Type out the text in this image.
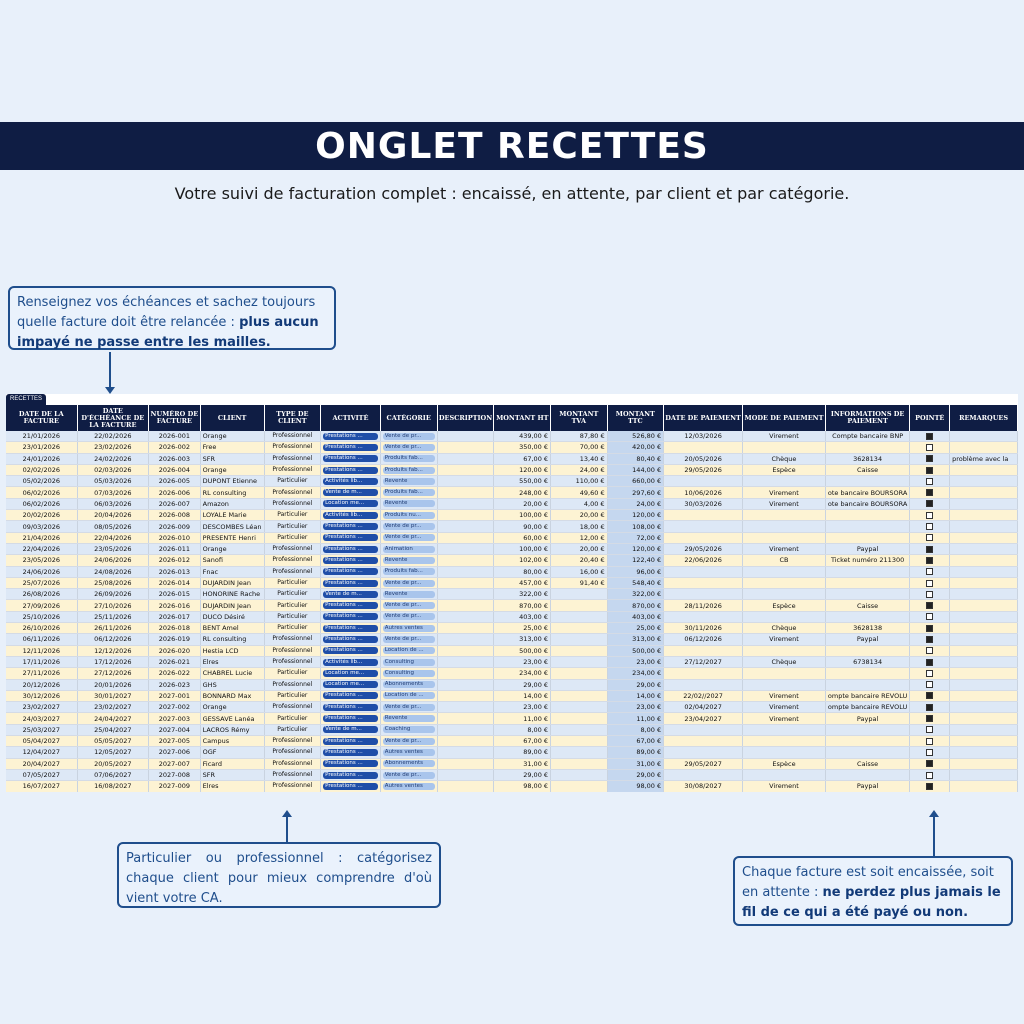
ONGLET RECETTES
Votre suivi de facturation complet : encaissé, en attente, par client et par catégorie.
Renseignez vos échéances et sachez toujours quelle facture doit être relancée : plus aucun impayé ne passe entre les mailles.
RECETTES
DATE DE LA FACTURE	DATE D'ÉCHÉANCE DE LA FACTURE	NUMÉRO DE FACTURE	CLIENT	TYPE DE CLIENT	ACTIVITÉ	CATÉGORIE	DESCRIPTION	MONTANT HT	MONTANT TVA	MONTANT TTC	DATE DE PAIEMENT	MODE DE PAIEMENT	INFORMATIONS DE PAIEMENT	POINTÉ	REMARQUES
21/01/2026	22/02/2026	2026-001	Orange	Professionnel	Prestations ...	Vente de pr...		439,00 €	87,80 €	526,80 €	12/03/2026	Virement	Compte bancaire BNP		
23/01/2026	23/02/2026	2026-002	Free	Professionnel	Prestations ...	Vente de pr...		350,00 €	70,00 €	420,00 €					
24/01/2026	24/02/2026	2026-003	SFR	Professionnel	Prestations ...	Produits fab...		67,00 €	13,40 €	80,40 €	20/05/2026	Chèque	3628134		problème avec la
02/02/2026	02/03/2026	2026-004	Orange	Professionnel	Prestations ...	Produits fab...		120,00 €	24,00 €	144,00 €	29/05/2026	Espèce	Caisse		
05/02/2026	05/03/2026	2026-005	DUPONT Etienne	Particulier	Activités lib...	Revente		550,00 €	110,00 €	660,00 €					
06/02/2026	07/03/2026	2026-006	RL consulting	Professionnel	Vente de m...	Produits fab...		248,00 €	49,60 €	297,60 €	10/06/2026	Virement	ote bancaire BOURSORA		
06/02/2026	06/03/2026	2026-007	Amazon	Professionnel	Location me...	Revente		20,00 €	4,00 €	24,00 €	30/03/2026	Virement	ote bancaire BOURSORA		
20/02/2026	20/04/2026	2026-008	LOYALE Marie	Particulier	Activités lib...	Produits nu...		100,00 €	20,00 €	120,00 €					
09/03/2026	08/05/2026	2026-009	DESCOMBES Léan	Particulier	Prestations ...	Vente de pr...		90,00 €	18,00 €	108,00 €					
21/04/2026	22/04/2026	2026-010	PRESENTE Henri	Particulier	Prestations ...	Vente de pr...		60,00 €	12,00 €	72,00 €					
22/04/2026	23/05/2026	2026-011	Orange	Professionnel	Prestations ...	Animation		100,00 €	20,00 €	120,00 €	29/05/2026	Virement	Paypal		
23/05/2026	24/06/2026	2026-012	Sanofi	Professionnel	Prestations ...	Revente		102,00 €	20,40 €	122,40 €	22/06/2026	CB	Ticket numéro 211300		
24/06/2026	24/08/2026	2026-013	Fnac	Professionnel	Prestations ...	Produits fab...		80,00 €	16,00 €	96,00 €					
25/07/2026	25/08/2026	2026-014	DUJARDIN Jean	Particulier	Prestations ...	Vente de pr...		457,00 €	91,40 €	548,40 €					
26/08/2026	26/09/2026	2026-015	HONORINE Rache	Particulier	Vente de m...	Revente		322,00 €		322,00 €					
27/09/2026	27/10/2026	2026-016	DUJARDIN Jean	Particulier	Prestations ...	Vente de pr...		870,00 €		870,00 €	28/11/2026	Espèce	Caisse		
25/10/2026	25/11/2026	2026-017	DUCO Désiré	Particulier	Prestations ...	Vente de pr...		403,00 €		403,00 €					
26/10/2026	26/11/2026	2026-018	BENT Amel	Particulier	Prestations ...	Autres ventes		25,00 €		25,00 €	30/11/2026	Chèque	3628138		
06/11/2026	06/12/2026	2026-019	RL consulting	Professionnel	Prestations ...	Vente de pr...		313,00 €		313,00 €	06/12/2026	Virement	Paypal		
12/11/2026	12/12/2026	2026-020	Hestia LCD	Professionnel	Prestations ...	Location de ...		500,00 €		500,00 €					
17/11/2026	17/12/2026	2026-021	Elres	Professionnel	Activités lib...	Consulting		23,00 €		23,00 €	27/12/2027	Chèque	6738134		
27/11/2026	27/12/2026	2026-022	CHABREL Lucie	Particulier	Location me...	Consulting		234,00 €		234,00 €					
20/12/2026	20/01/2026	2026-023	GHS	Professionnel	Location me...	Abonnements		29,00 €		29,00 €					
30/12/2026	30/01/2027	2027-001	BONNARD Max	Particulier	Prestations ...	Location de ...		14,00 €		14,00 €	22/02//2027	Virement	ompte bancaire REVOLU		
23/02/2027	23/02/2027	2027-002	Orange	Professionnel	Prestations ...	Vente de pr...		23,00 €		23,00 €	02/04/2027	Virement	ompte bancaire REVOLU		
24/03/2027	24/04/2027	2027-003	GESSAVE Lanéa	Particulier	Prestations ...	Revente		11,00 €		11,00 €	23/04/2027	Virement	Paypal		
25/03/2027	25/04/2027	2027-004	LACROS Rémy	Particulier	Vente de m...	Coaching		8,00 €		8,00 €					
05/04/2027	05/05/2027	2027-005	Campus	Professionnel	Prestations ...	Vente de pr...		67,00 €		67,00 €					
12/04/2027	12/05/2027	2027-006	OGF	Professionnel	Prestations ...	Autres ventes		89,00 €		89,00 €					
20/04/2027	20/05/2027	2027-007	Ficard	Professionnel	Prestations ...	Abonnements		31,00 €		31,00 €	29/05/2027	Espèce	Caisse		
07/05/2027	07/06/2027	2027-008	SFR	Professionnel	Prestations ...	Vente de pr...		29,00 €		29,00 €					
16/07/2027	16/08/2027	2027-009	Elres	Professionnel	Prestations ...	Autres ventes		98,00 €		98,00 €	30/08/2027	Virement	Paypal		
Particulier ou professionnel : catégorisez chaque client pour mieux comprendre d'où vient votre CA.
Chaque facture est soit encaissée, soit en attente : ne perdez plus jamais le fil de ce qui a été payé ou non.
